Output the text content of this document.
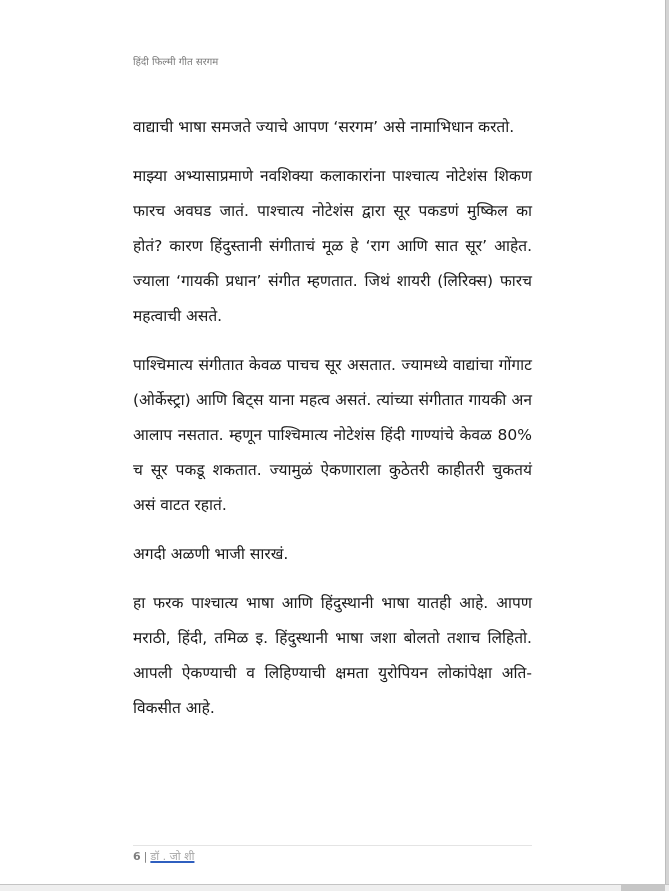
हिंदी फिल्मी गीत सरगम

वाद्याची भाषा समजते ज्याचे आपण ‘सरगम’ असे नामाभिधान करतो.

माझ्या अभ्यासाप्रमाणे नवशिक्या कलाकारांना पाश्चात्य नोटेशंस शिकण फारच अवघड जातं. पाश्चात्य नोटेशंस द्वारा सूर पकडणं मुष्किल का होतं? कारण हिंदुस्तानी संगीताचं मूळ हे ‘राग आणि सात सूर’ आहेत. ज्याला ‘गायकी प्रधान’ संगीत म्हणतात. जिथं शायरी (लिरिक्स) फारच महत्वाची असते.

पाश्चिमात्य संगीतात केवळ पाचच सूर असतात. ज्यामध्ये वाद्यांचा गोंगाट (ओर्केस्ट्रा) आणि बिट्स याना महत्व असतं. त्यांच्या संगीतात गायकी अन आलाप नसतात. म्हणून पाश्चिमात्य नोटेशंस हिंदी गाण्यांचे केवळ 80% च सूर पकडू शकतात. ज्यामुळं ऐकणाराला कुठेतरी काहीतरी चुकतयं असं वाटत रहातं.

अगदी अळणी भाजी सारखं.

हा फरक पाश्चात्य भाषा आणि हिंदुस्थानी भाषा यातही आहे. आपण मराठी, हिंदी, तमिळ इ. हिंदुस्थानी भाषा जशा बोलतो तशाच लिहितो. आपली ऐकण्याची व लिहिण्याची क्षमता युरोपियन लोकांपेक्षा अति-विकसीत आहे.

6 | डॉ . जो शी
